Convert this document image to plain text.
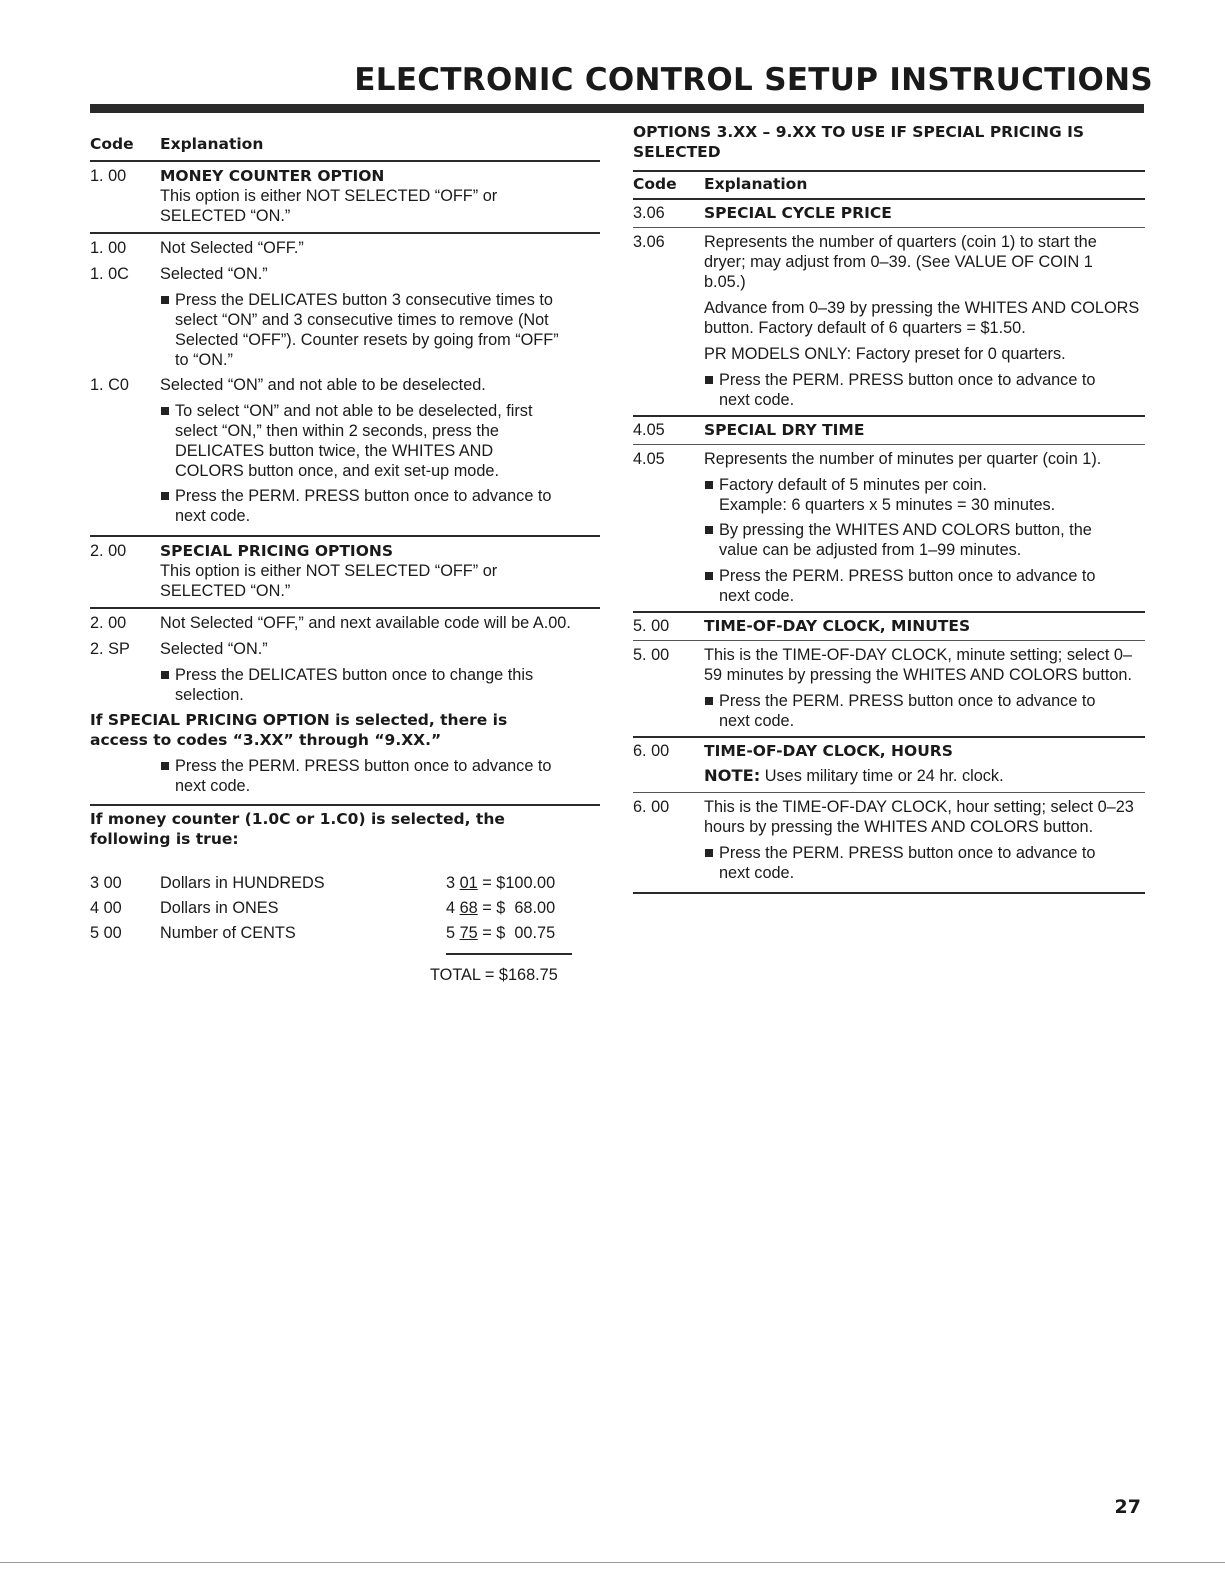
ELECTRONIC CONTROL SETUP INSTRUCTIONS
Code	Explanation
1. 00	MONEY COUNTER OPTION

This option is either NOT SELECTED “OFF” or SELECTED “ON.”

1. 00	Not Selected “OFF.”
1. 0C	Selected “ON.”
Press the DELICATES button 3 consecutive times to select “ON” and 3 consecutive times to remove (Not Selected “OFF”). Counter resets by going from “OFF” to “ON.”
1. C0	Selected “ON” and not able to be deselected.
To select “ON” and not able to be deselected, first select “ON,” then within 2 seconds, press the DELICATES button twice, the WHITES AND COLORS button once, and exit set-up mode.
Press the PERM. PRESS button once to advance to next code.
2. 00	SPECIAL PRICING OPTIONS

This option is either NOT SELECTED “OFF” or SELECTED “ON.”

2. 00	Not Selected “OFF,” and next available code will be A.00.
2. SP	Selected “ON.”
Press the DELICATES button once to change this selection.
If SPECIAL PRICING OPTION is selected, there is access to codes “3.XX” through “9.XX.”
Press the PERM. PRESS button once to advance to next code.
If money counter (1.0C or 1.C0) is selected, the following is true:
3 00	Dollars in HUNDREDS	3 01 = $100.00
4 00	Dollars in ONES	4 68 = $  68.00
5 00	Number of CENTS	5 75 = $  00.75
TOTAL = $168.75
OPTIONS 3.XX – 9.XX TO USE IF SPECIAL PRICING IS SELECTED
Code	Explanation
3.06	SPECIAL CYCLE PRICE
3.06	Represents the number of quarters (coin 1) to start the dryer; may adjust from 0–39. (See VALUE OF COIN 1 b.05.)

Advance from 0–39 by pressing the WHITES AND COLORS button. Factory default of 6 quarters = $1.50.

PR MODELS ONLY: Factory preset for 0 quarters.

Press the PERM. PRESS button once to advance to next code.
4.05	SPECIAL DRY TIME
4.05	Represents the number of minutes per quarter (coin 1).

Factory default of 5 minutes per coin.
Example: 6 quarters x 5 minutes = 30 minutes.
By pressing the WHITES AND COLORS button, the value can be adjusted from 1–99 minutes.
Press the PERM. PRESS button once to advance to next code.
5. 00	TIME-OF-DAY CLOCK, MINUTES
5. 00	This is the TIME-OF-DAY CLOCK, minute setting; select 0–59 minutes by pressing the WHITES AND COLORS button.

Press the PERM. PRESS button once to advance to next code.
6. 00	TIME-OF-DAY CLOCK, HOURS
NOTE: Uses military time or 24 hr. clock.
6. 00	This is the TIME-OF-DAY CLOCK, hour setting; select 0–23 hours by pressing the WHITES AND COLORS button.

Press the PERM. PRESS button once to advance to next code.
27
